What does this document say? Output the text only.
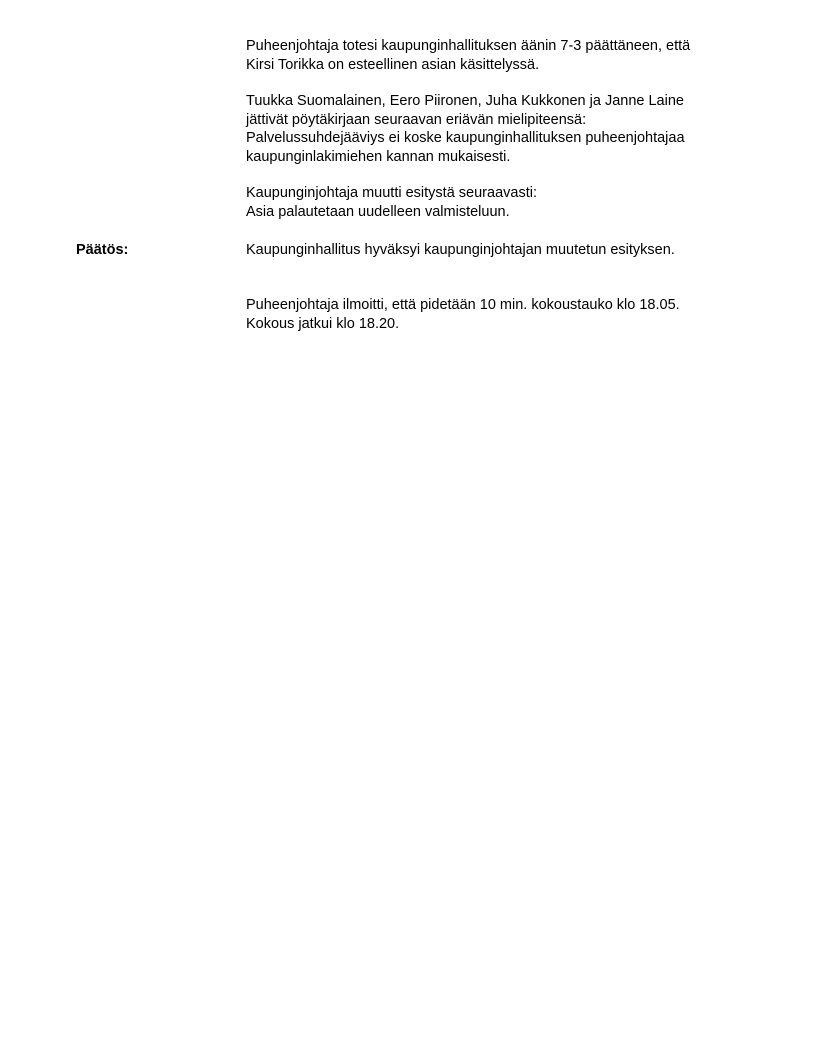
Puheenjohtaja totesi kaupunginhallituksen äänin 7-3 päättäneen, että
Kirsi Torikka on esteellinen asian käsittelyssä.

Tuukka Suomalainen, Eero Piironen, Juha Kukkonen ja Janne Laine
jättivät pöytäkirjaan seuraavan eriävän mielipiteensä:
Palvelussuhdejääviys ei koske kaupunginhallituksen puheenjohtajaa
kaupunginlakimiehen kannan mukaisesti.

Kaupunginjohtaja muutti esitystä seuraavasti:
Asia palautetaan uudelleen valmisteluun.

Päätös:	Kaupunginhallitus hyväksyi kaupunginjohtajan muutetun esityksen.

Puheenjohtaja ilmoitti, että pidetään 10 min. kokoustauko klo 18.05.
Kokous jatkui klo 18.20.
